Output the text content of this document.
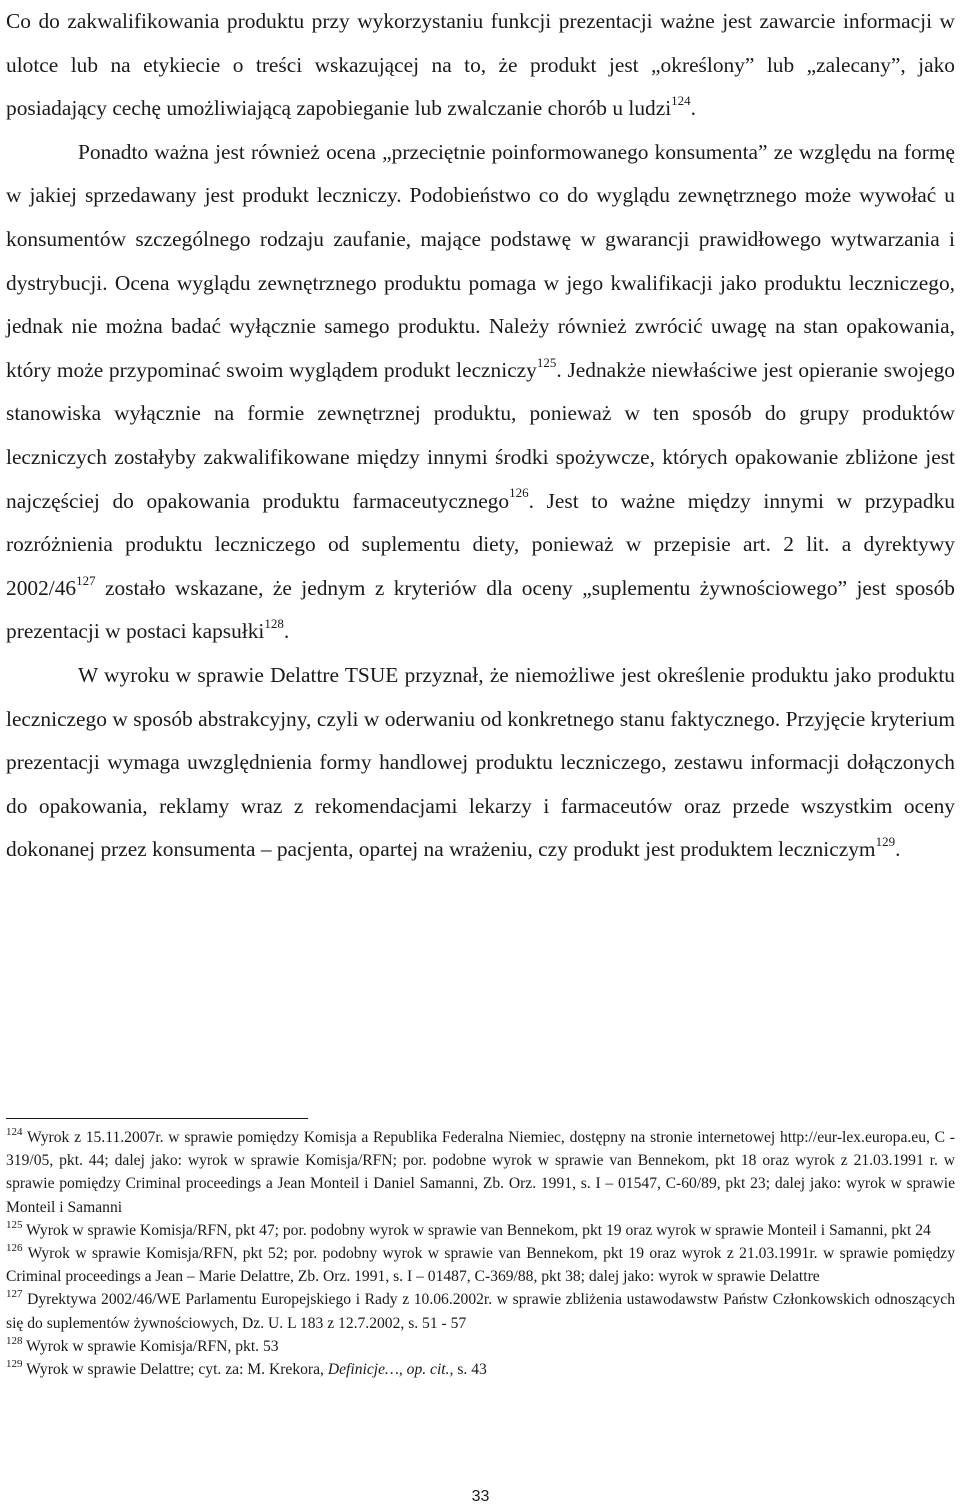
Co do zakwalifikowania produktu przy wykorzystaniu funkcji prezentacji ważne jest zawarcie informacji w ulotce lub na etykiecie o treści wskazującej na to, że produkt jest „określony” lub „zalecany”, jako posiadający cechę umożliwiającą zapobieganie lub zwalczanie chorób u ludzi$^{124}$.

Ponadto ważna jest również ocena „przeciętnie poinformowanego konsumenta” ze względu na formę w jakiej sprzedawany jest produkt leczniczy. Podobieństwo co do wyglądu zewnętrznego może wywołać u konsumentów szczególnego rodzaju zaufanie, mające podstawę w gwarancji prawidłowego wytwarzania i dystrybucji. Ocena wyglądu zewnętrznego produktu pomaga w jego kwalifikacji jako produktu leczniczego, jednak nie można badać wyłącznie samego produktu. Należy również zwrócić uwagę na stan opakowania, który może przypominać swoim wyglądem produkt leczniczy$^{125}$. Jednakże niewłaściwe jest opieranie swojego stanowiska wyłącznie na formie zewnętrznej produktu, ponieważ w ten sposób do grupy produktów leczniczych zostałyby zakwalifikowane między innymi środki spożywcze, których opakowanie zbliżone jest najczęściej do opakowania produktu farmaceutycznego$^{126}$. Jest to ważne między innymi w przypadku rozróżnienia produktu leczniczego od suplementu diety, ponieważ w przepisie art. 2 lit. a dyrektywy $2002/46^{127}$ zostało wskazane, że jednym z kryteriów dla oceny „suplementu żywnościowego” jest sposób prezentacji w postaci kapsułki$^{128}$.

W wyroku w sprawie Delattre TSUE przyznał, że niemożliwe jest określenie produktu jako produktu leczniczego w sposób abstrakcyjny, czyli w oderwaniu od konkretnego stanu faktycznego. Przyjęcie kryterium prezentacji wymaga uwzględnienia formy handlowej produktu leczniczego, zestawu informacji dołączonych do opakowania, reklamy wraz z rekomendacjami lekarzy i farmaceutów oraz przede wszystkim oceny dokonanej przez konsumenta – pacjenta, opartej na wrażeniu, czy produkt jest produktem leczniczym$^{129}$.

$^{124}$ Wyrok z 15.11.2007r. w sprawie pomiędzy Komisja a Republika Federalna Niemiec, dostępny na stronie internetowej http://eur-lex.europa.eu, C - 319/05, pkt. 44; dalej jako: wyrok w sprawie Komisja/RFN; por. podobne wyrok w sprawie van Bennekom, pkt 18 oraz wyrok z 21.03.1991 r. w sprawie pomiędzy Criminal proceedings a Jean Monteil i Daniel Samanni, Zb. Orz. 1991, s. I – 01547, C-60/89, pkt 23; dalej jako: wyrok w sprawie Monteil i Samanni

$^{125}$ Wyrok w sprawie Komisja/RFN, pkt 47; por. podobny wyrok w sprawie van Bennekom, pkt 19 oraz wyrok w sprawie Monteil i Samanni, pkt 24

$^{126}$ Wyrok w sprawie Komisja/RFN, pkt 52; por. podobny wyrok w sprawie van Bennekom, pkt 19 oraz wyrok z 21.03.1991r. w sprawie pomiędzy Criminal proceedings a Jean – Marie Delattre, Zb. Orz. 1991, s. I – 01487, C-369/88, pkt 38; dalej jako: wyrok w sprawie Delattre

$^{127}$ Dyrektywa 2002/46/WE Parlamentu Europejskiego i Rady z 10.06.2002r. w sprawie zbliżenia ustawodawstw Państw Członkowskich odnoszących się do suplementów żywnościowych, Dz. U. L 183 z 12.7.2002, s. 51 - 57

$^{128}$ Wyrok w sprawie Komisja/RFN, pkt. 53

$^{129}$ Wyrok w sprawie Delattre; cyt. za: M. Krekora, Definicje…, op. cit., s. 43

33
